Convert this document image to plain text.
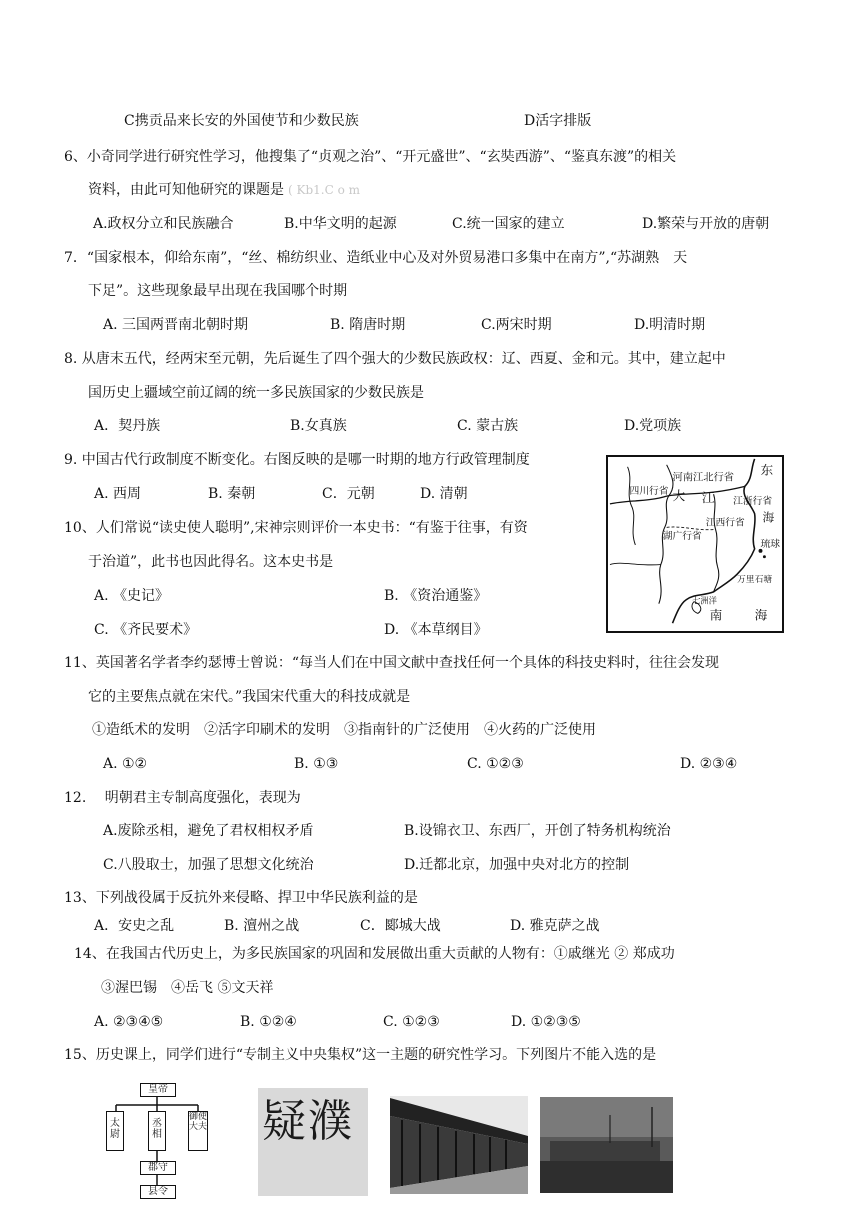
C携贡品来长安的外国使节和少数民族	D活字排版
6、小奇同学进行研究性学习，他搜集了“贞观之治”、“开元盛世”、“玄奘西游”、“鉴真东渡”的相关
资料，由此可知他研究的课题是 ( Kb1.C o m
A.政权分立和民族融合	B.中华文明的起源	C.统一国家的建立	D.繁荣与开放的唐朝
7．“国家根本，仰给东南”，“丝、棉纺织业、造纸业中心及对外贸易港口多集中在南方”,“苏湖熟　天
下足”。这些现象最早出现在我国哪个时期
A. 三国两晋南北朝时期	B. 隋唐时期	C.两宋时期	D.明清时期
8. 从唐末五代，经两宋至元朝，先后诞生了四个强大的少数民族政权：辽、西夏、金和元。其中，建立起中
国历史上疆域空前辽阔的统一多民族国家的少数民族是
A．契丹族	B.女真族	C. 蒙古族	D.党项族
9. 中国古代行政制度不断变化。右图反映的是哪一时期的地方行政管理制度
A. 西周	B. 秦朝	C．元朝	D. 清朝
河南江北行省 东
海
琉球
四川行省 大 江 江浙行省
江西行省
湖广行省
万里石塘
七洲洋
南 海
10、人们常说“读史使人聪明”,宋神宗则评价一本史书：“有鉴于往事，有资
于治道”，此书也因此得名。这本史书是
A. 《史记》	B. 《资治通鉴》
C. 《齐民要术》	D. 《本草纲目》
11、英国著名学者李约瑟博士曾说：“每当人们在中国文献中查找任何一个具体的科技史料时，往往会发现
它的主要焦点就在宋代。”我国宋代重大的科技成就是
①造纸术的发明　②活字印刷术的发明　③指南针的广泛使用　④火药的广泛使用
A. ①②	B. ①③	C. ①②③	D. ②③④
12.　 明朝君主专制高度强化，表现为
A.废除丞相，避免了君权相权矛盾	B.设锦衣卫、东西厂，开创了特务机构统治
C.八股取士，加强了思想文化统治	D.迁都北京，加强中央对北方的控制
13、下列战役属于反抗外来侵略、捍卫中华民族利益的是
A．安史之乱	B. 澶州之战	C．郾城大战	D. 雅克萨之战
14、在我国古代历史上，为多民族国家的巩固和发展做出重大贡献的人物有：①戚继光 ② 郑成功
③渥巴锡　④岳飞 ⑤文天祥
A. ②③④⑤	B. ①②④	C. ①②③	D. ①②③⑤
15、历史课上，同学们进行“专制主义中央集权”这一主题的研究性学习。下列图片不能入选的是
皇帝
太尉
丞相
御使大夫
郡守
县令
疑濮
